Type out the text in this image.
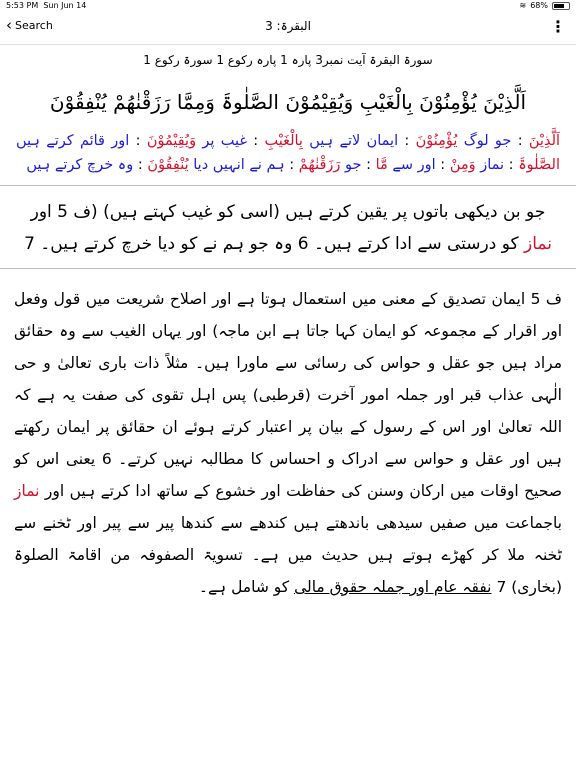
5:53 PM Sun Jun 14	≋ 68%
‹ Search	البقرۃ: 3	⋮
سورۃ البقرۃ آیت نمبر3 پارہ 1 پارہ رکوع 1 سورۃ رکوع 1
اَلَّذِیْنَ یُؤْمِنُوْنَ بِالْغَیْبِ وَیُقِیْمُوْنَ الصَّلٰوۃَ وَمِمَّا رَزَقْنٰھُمْ یُنْفِقُوْنَ
اَلَّذِیْنَ : جو لوگ یُؤْمِنُوْنَ : ایمان لاتے ہیں بِالْغَیْبِ : غیب پر وَیُقِیْمُوْنَ : اور قائم کرتے ہیں الصَّلٰوۃَ : نماز وَمِنْ : اور سے مَّا : جو رَزَقْنٰھُمْ : ہم نے انہیں دیا یُنْفِقُوْنَ : وہ خرچ کرتے ہیں
جو بن دیکھی باتوں پر یقین کرتے ہیں (اسی کو غیب کہتے ہیں) (ف 5 اور نماز کو درستی سے ادا کرتے ہیں۔ 6 وہ جو ہم نے کو دیا خرچ کرتے ہیں۔ 7
ف 5 ایمان تصدیق کے معنی میں استعمال ہوتا ہے اور اصلاح شریعت میں قول وفعل اور اقرار کے مجموعہ کو ایمان کہا جاتا ہے ابن ماجہ) اور یہاں الغیب سے وہ حقائق مراد ہیں جو عقل و حواس کی رسائی سے ماورا ہیں۔ مثلاً ذات باری تعالیٰ و حی الٰہی عذاب قبر اور جملہ امور آخرت (قرطبی) پس اہل تقوی کی صفت یہ ہے کہ اللہ تعالیٰ اور اس کے رسول کے بیان پر اعتبار کرتے ہوئے ان حقائق پر ایمان رکھتے ہیں اور عقل و حواس سے ادراک و احساس کا مطالبہ نہیں کرتے۔ 6 یعنی اس کو صحیح اوقات میں ارکان وسنن کی حفاظت اور خشوع کے ساتھ ادا کرتے ہیں اور نماز باجماعت میں صفیں سیدھی باندھتے ہیں کندھے سے کندھا پیر سے پیر اور ٹخنے سے ٹخنہ ملا کر کھڑے ہوتے ہیں حدیث میں ہے۔ تسویۃ الصفوفہ من اقامۃ الصلوۃ (بخاری) 7 نفقہ عام اور جملہ حقوق مالی کو شامل ہے۔
